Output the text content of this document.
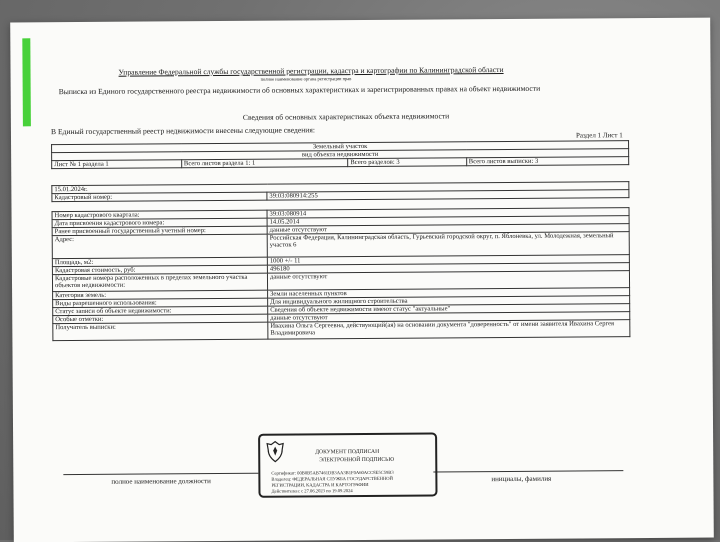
Управление Федеральной службы государственной регистрации, кадастра и картографии по Калининградской области
полное наименование органа регистрации прав
Выписка из Единого государственного реестра недвижимости об основных характеристиках и зарегистрированных правах на объект недвижимости
Сведения об основных характеристиках объекта недвижимости
В Единый государственный реестр недвижимости внесены следующие сведения:	Раздел 1 Лист 1
Земельный участок
вид объекта недвижимости
Лист № 1 раздела 1	Всего листов раздела 1: 1	Всего разделов: 3	Всего листов выписки: 3
15.01.2024г.
Кадастровый номер:	39:03:080914:255
Номер кадастрового квартала:	39:03:080914
Дата присвоения кадастрового номера:	14.05.2014
Ранее присвоенный государственный учетный номер:	данные отсутствуют
Адрес:	Российская Федерация, Калининградская область, Гурьевский городской округ, п. Яблоневка, ул. Молодежная, земельный участок 6
Площадь, м2:	1000 +/- 11
Кадастровая стоимость, руб:	496180
Кадастровые номера расположенных в пределах земельного участка объектов недвижимости:	данные отсутствуют
Категория земель:	Земли населенных пунктов
Виды разрешенного использования:	Для индивидуального жилищного строительства
Статус записи об объекте недвижимости:	Сведения об объекте недвижимости имеют статус "актуальные"
Особые отметки:	данные отсутствуют
Получатель выписки:	Ивахина Ольга Сергеевна, действующий(ая) на основании документа "доверенность" от имени заявителя Ивахина Сергея Владимировича
полное наименование должности	инициалы, фамилия
ДОКУМЕНТ ПОДПИСАН
ЭЛЕКТРОННОЙ ПОДПИСЬЮ
Сертификат: 00B0B5AB7461DB3AA3B1F0A60ACC8E5C59B3
Владелец: ФЕДЕРАЛЬНАЯ СЛУЖБА ГОСУДАРСТВЕННОЙ
РЕГИСТРАЦИИ, КАДАСТРА И КАРТОГРАФИИ
Действителен: с 27.06.2023 по 19.09.2024
